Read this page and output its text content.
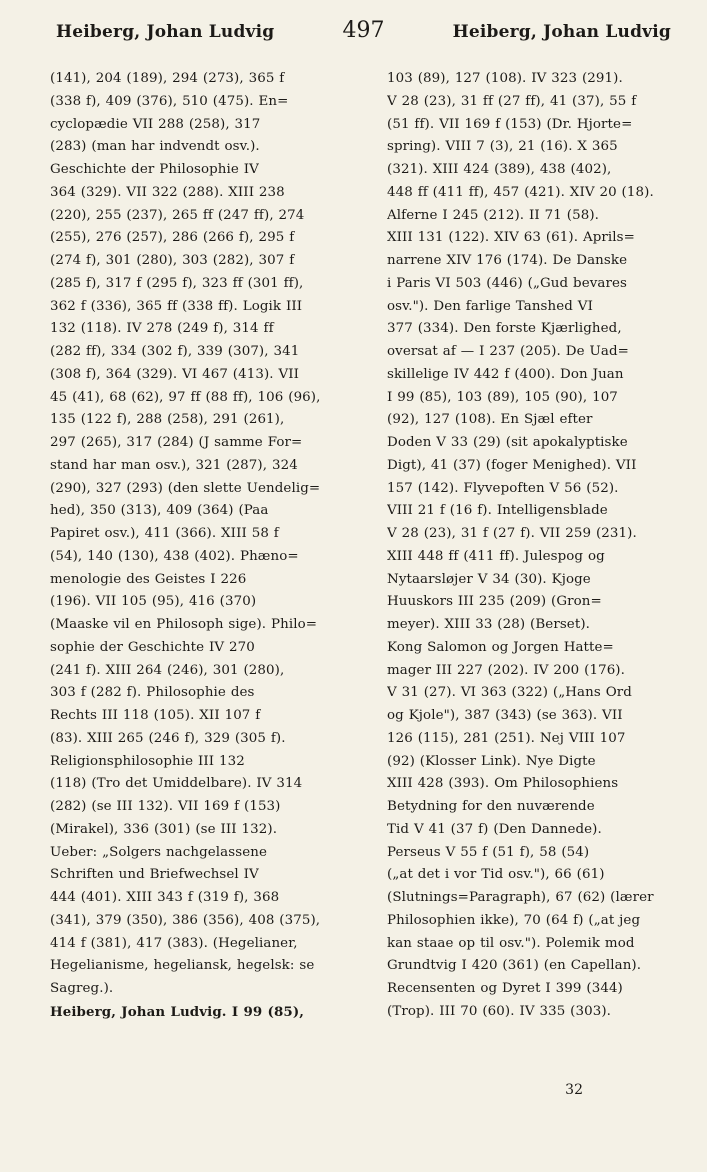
Heiberg, Johan Ludvig	497	Heiberg, Johan Ludvig
(141), 204 (189), 294 (273), 365 f
(338 f), 409 (376), 510 (475). En=
cyclopædie VII 288 (258), 317
(283) (man har indvendt osv.).
Geschichte der Philosophie IV
364 (329). VII 322 (288). XIII 238
(220), 255 (237), 265 ff (247 ff), 274
(255), 276 (257), 286 (266 f), 295 f
(274 f), 301 (280), 303 (282), 307 f
(285 f), 317 f (295 f), 323 ff (301 ff),
362 f (336), 365 ff (338 ff). Logik III
132 (118). IV 278 (249 f), 314 ff
(282 ff), 334 (302 f), 339 (307), 341
(308 f), 364 (329). VI 467 (413). VII
45 (41), 68 (62), 97 ff (88 ff), 106 (96),
135 (122 f), 288 (258), 291 (261),
297 (265), 317 (284) (J samme For=
stand har man osv.), 321 (287), 324
(290), 327 (293) (den slette Uendelig=
hed), 350 (313), 409 (364) (Paa
Papiret osv.), 411 (366). XIII 58 f
(54), 140 (130), 438 (402). Phæno=
menologie des Geistes I 226
(196). VII 105 (95), 416 (370)
(Maaske vil en Philosoph sige). Philo=
sophie der Geschichte IV 270
(241 f). XIII 264 (246), 301 (280),
303 f (282 f). Philosophie des
Rechts III 118 (105). XII 107 f
(83). XIII 265 (246 f), 329 (305 f).
Religionsphilosophie III 132
(118) (Tro det Umiddelbare). IV 314
(282) (se III 132). VII 169 f (153)
(Mirakel), 336 (301) (se III 132).
Ueber: „Solgers nachgelassene
Schriften und Briefwechsel IV
444 (401). XIII 343 f (319 f), 368
(341), 379 (350), 386 (356), 408 (375),
414 f (381), 417 (383). (Hegelianer,
Hegelianisme, hegeliansk, hegelsk: se
Sagreg.).
Heiberg, Johan Ludvig. I 99 (85),
103 (89), 127 (108). IV 323 (291).
V 28 (23), 31 ff (27 ff), 41 (37), 55 f
(51 ff). VII 169 f (153) (Dr. Hjorte=
spring). VIII 7 (3), 21 (16). X 365
(321). XIII 424 (389), 438 (402),
448 ff (411 ff), 457 (421). XIV 20 (18).
Alferne I 245 (212). II 71 (58).
XIII 131 (122). XIV 63 (61). Aprils=
narrene XIV 176 (174). De Danske
i Paris VI 503 (446) („Gud bevares
osv."). Den farlige Tanshed VI
377 (334). Den forste Kjærlighed,
oversat af — I 237 (205). De Uad=
skillelige IV 442 f (400). Don Juan
I 99 (85), 103 (89), 105 (90), 107
(92), 127 (108). En Sjæl efter
Doden V 33 (29) (sit apokalyptiske
Digt), 41 (37) (foger Menighed). VII
157 (142). Flyvepoften V 56 (52).
VIII 21 f (16 f). Intelligensblade
V 28 (23), 31 f (27 f). VII 259 (231).
XIII 448 ff (411 ff). Julespog og
Nytaarsløjer V 34 (30). Kjoge
Huuskors III 235 (209) (Gron=
meyer). XIII 33 (28) (Berset).
Kong Salomon og Jorgen Hatte=
mager III 227 (202). IV 200 (176).
V 31 (27). VI 363 (322) („Hans Ord
og Kjole"), 387 (343) (se 363). VII
126 (115), 281 (251). Nej VIII 107
(92) (Klosser Link). Nye Digte
XIII 428 (393). Om Philosophiens
Betydning for den nuværende
Tid V 41 (37 f) (Den Dannede).
Perseus V 55 f (51 f), 58 (54)
(„at det i vor Tid osv."), 66 (61)
(Slutnings=Paragraph), 67 (62) (lærer
Philosophien ikke), 70 (64 f) („at jeg
kan staae op til osv."). Polemik mod
Grundtvig I 420 (361) (en Capellan).
Recensenten og Dyret I 399 (344)
(Trop). III 70 (60). IV 335 (303).
32
